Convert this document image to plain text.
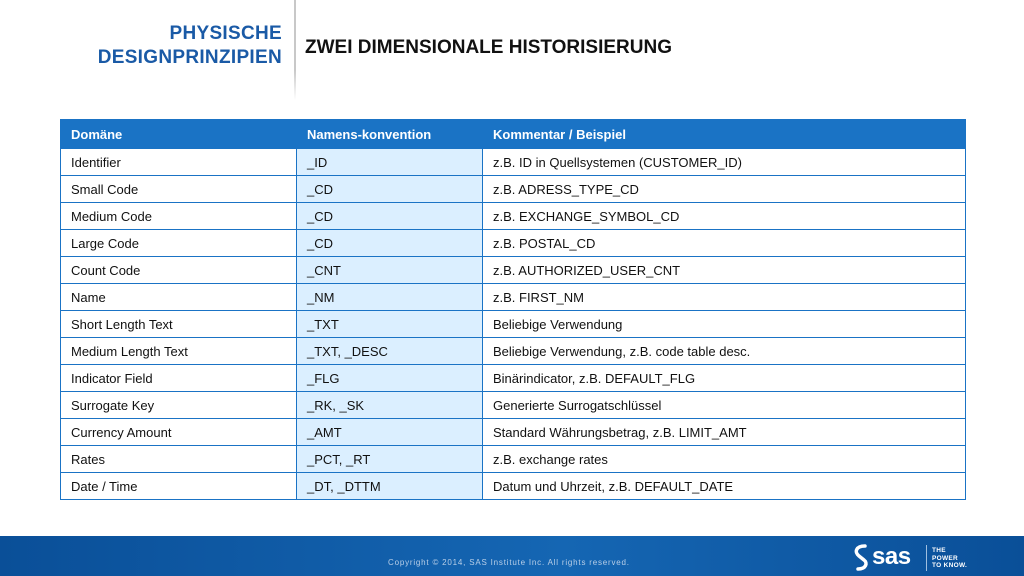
PHYSISCHE
DESIGNPRINZIPIEN ZWEI DIMENSIONALE HISTORISIERUNG
Domäne	Namens-konvention	Kommentar / Beispiel
Identifier	_ID	z.B. ID in Quellsystemen (CUSTOMER_ID)
Small Code	_CD	z.B. ADRESS_TYPE_CD
Medium Code	_CD	z.B. EXCHANGE_SYMBOL_CD
Large Code	_CD	z.B. POSTAL_CD
Count Code	_CNT	z.B. AUTHORIZED_USER_CNT
Name	_NM	z.B. FIRST_NM
Short Length Text	_TXT	Beliebige Verwendung
Medium Length Text	_TXT, _DESC	Beliebige Verwendung, z.B. code table desc.
Indicator Field	_FLG	Binärindicator, z.B. DEFAULT_FLG
Surrogate Key	_RK, _SK	Generierte Surrogatschlüssel
Currency Amount	_AMT	Standard Währungsbetrag, z.B. LIMIT_AMT
Rates	_PCT, _RT	z.B. exchange rates
Date / Time	_DT, _DTTM	Datum und Uhrzeit, z.B. DEFAULT_DATE
Copyright © 2014, SAS Institute Inc. All rights reserved.	sas	THE
POWER
TO KNOW.
